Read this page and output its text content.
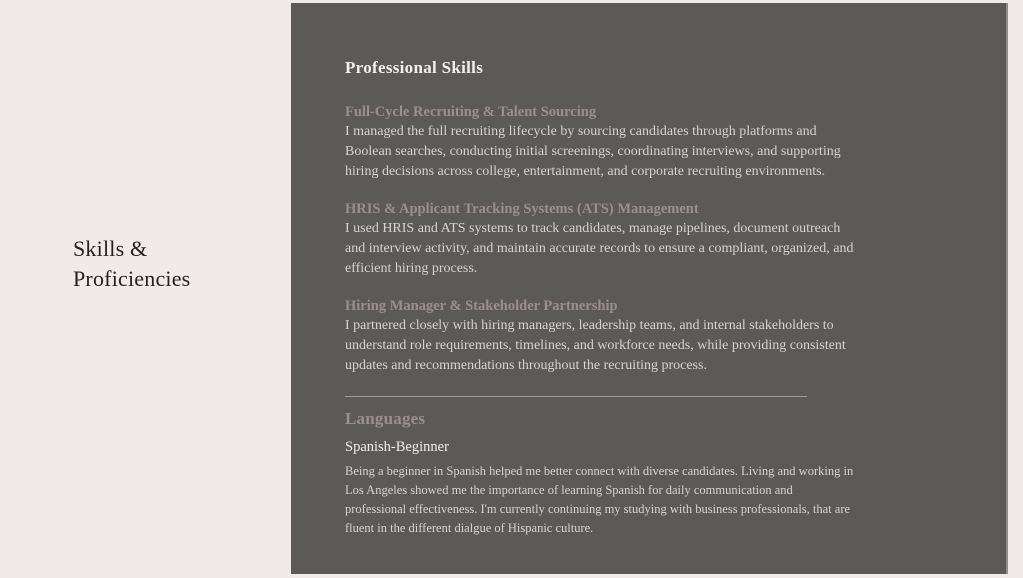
Skills & Proficiencies
Professional Skills

Full-Cycle Recruiting & Talent Sourcing

I managed the full recruiting lifecycle by sourcing candidates through platforms and Boolean searches, conducting initial screenings, coordinating interviews, and supporting hiring decisions across college, entertainment, and corporate recruiting environments.

HRIS & Applicant Tracking Systems (ATS) Management

I used HRIS and ATS systems to track candidates, manage pipelines, document outreach and interview activity, and maintain accurate records to ensure a compliant, organized, and efficient hiring process.

Hiring Manager & Stakeholder Partnership

I partnered closely with hiring managers, leadership teams, and internal stakeholders to understand role requirements, timelines, and workforce needs, while providing consistent updates and recommendations throughout the recruiting process.

Languages

Spanish-Beginner

Being a beginner in Spanish helped me better connect with diverse candidates. Living and working in Los Angeles showed me the importance of learning Spanish for daily communication and professional effectiveness. I'm currently continuing my studying with business professionals, that are fluent in the different dialgue of Hispanic culture.
